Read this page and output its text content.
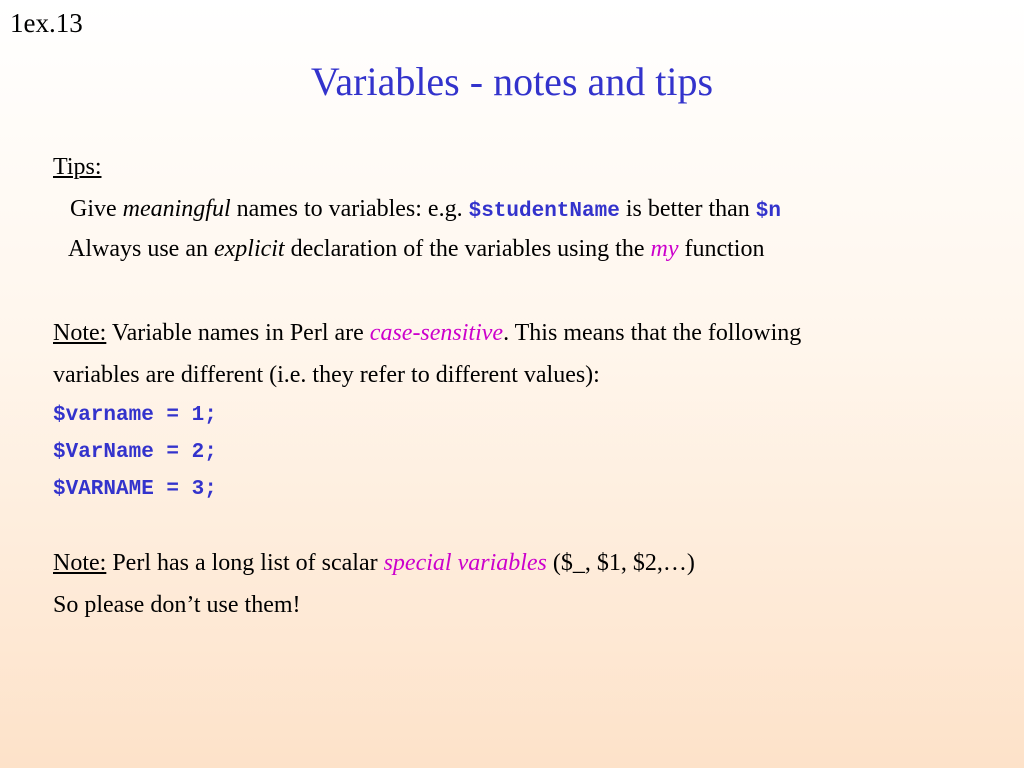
1ex.13
Variables - notes and tips
Tips:
Give meaningful names to variables: e.g. $studentName is better than $n
Always use an explicit declaration of the variables using the my function
Note: Variable names in Perl are case-sensitive. This means that the following
variables are different (i.e. they refer to different values):
$varname = 1;
$VarName = 2;
$VARNAME = 3;
Note: Perl has a long list of scalar special variables ($_, $1, $2,…)
So please don’t use them!
